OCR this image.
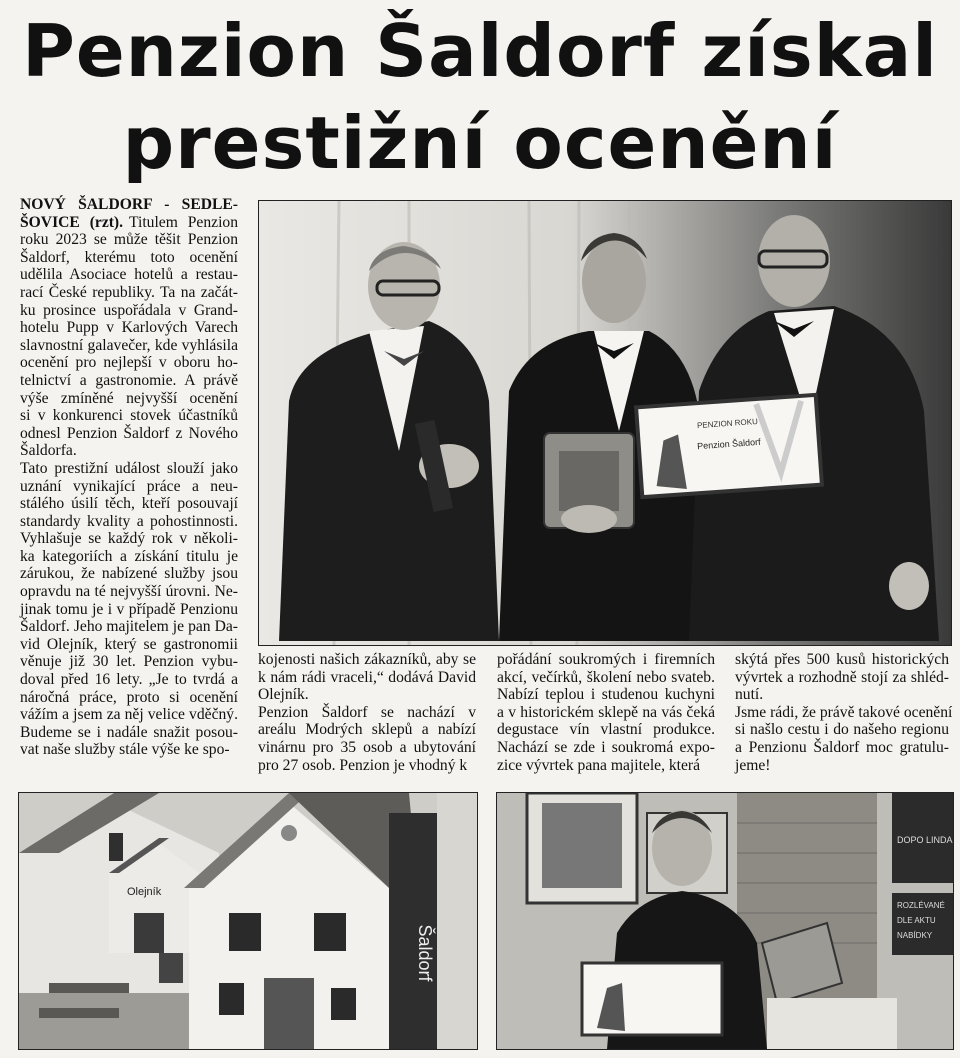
Penzion Šaldorf získal
prestižní ocenění
NOVÝ ŠALDORF - SEDLE-
ŠOVICE (rzt). Titulem Penzion
roku 2023 se může těšit Penzion
Šaldorf, kterému toto ocenění
udělila Asociace hotelů a restau-
rací České republiky. Ta na začát-
ku prosince uspořádala v Grand-
hotelu Pupp v Karlových Varech
slavnostní galavečer, kde vyhlásila
ocenění pro nejlepší v oboru ho-
telnictví a gastronomie. A právě
výše zmíněné nejvyšší ocenění
si v konkurenci stovek účastníků
odnesl Penzion Šaldorf z Nového
Šaldorfa.
Tato prestižní událost slouží jako
uznání vynikající práce a neu-
stálého úsilí těch, kteří posouvají
standardy kvality a pohostinnosti.
Vyhlašuje se každý rok v několi-
ka kategoriích a získání titulu je
zárukou, že nabízené služby jsou
opravdu na té nejvyšší úrovni. Ne-
jinak tomu je i v případě Penzionu
Šaldorf. Jeho majitelem je pan Da-
vid Olejník, který se gastronomii
věnuje již 30 let. Penzion vybu-
doval před 16 lety. „Je to tvrdá a
náročná práce, proto si ocenění
vážím a jsem za něj velice vděčný.
Budeme se i nadále snažit posou-
vat naše služby stále výše ke spo-
PENZION ROKU
Penzion Šaldorf
kojenosti našich zákazníků, aby se
k nám rádi vraceli,“ dodává David
Olejník.
Penzion Šaldorf se nachází v
areálu Modrých sklepů a nabízí
vinárnu pro 35 osob a ubytování
pro 27 osob. Penzion je vhodný k
pořádání soukromých i firemních
akcí, večírků, školení nebo svateb.
Nabízí teplou i studenou kuchyni
a v historickém sklepě na vás čeká
degustace vín vlastní produkce.
Nachází se zde i soukromá expo-
zice vývrtek pana majitele, která
skýtá přes 500 kusů historických
vývrtek a rozhodně stojí za shléd-
nutí.
Jsme rádi, že právě takové ocenění
si našlo cestu i do našeho regionu
a Penzionu Šaldorf moc gratulu-
jeme!
Olejník
Šaldorf
DOPO LINDA
ROZLÉVANÉ
DLE AKTU
NABÍDKY
